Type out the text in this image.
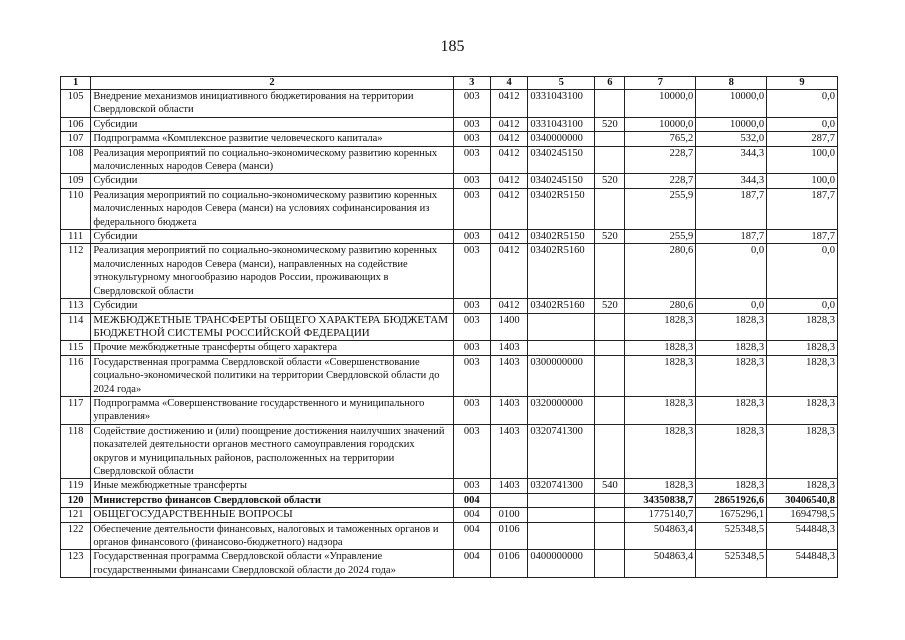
185
1	2	3	4	5	6	7	8	9
105	Внедрение механизмов инициативного бюджетирования на территории Свердловской области	003	0412	0331043100		10000,0	10000,0	0,0
106	Субсидии	003	0412	0331043100	520	10000,0	10000,0	0,0
107	Подпрограмма «Комплексное развитие человеческого капитала»	003	0412	0340000000		765,2	532,0	287,7
108	Реализация мероприятий по социально-экономическому развитию коренных малочисленных народов Севера (манси)	003	0412	0340245150		228,7	344,3	100,0
109	Субсидии	003	0412	0340245150	520	228,7	344,3	100,0
110	Реализация мероприятий по социально-экономическому развитию коренных малочисленных народов Севера (манси) на условиях софинансирования из федерального бюджета	003	0412	03402R5150		255,9	187,7	187,7
111	Субсидии	003	0412	03402R5150	520	255,9	187,7	187,7
112	Реализация мероприятий по социально-экономическому развитию коренных малочисленных народов Севера (манси), направленных на содействие этнокультурному многообразию народов России, проживающих в Свердловской области	003	0412	03402R5160		280,6	0,0	0,0
113	Субсидии	003	0412	03402R5160	520	280,6	0,0	0,0
114	МЕЖБЮДЖЕТНЫЕ ТРАНСФЕРТЫ ОБЩЕГО ХАРАКТЕРА БЮДЖЕТАМ БЮДЖЕТНОЙ СИСТЕМЫ РОССИЙСКОЙ ФЕДЕРАЦИИ	003	1400			1828,3	1828,3	1828,3
115	Прочие межбюджетные трансферты общего характера	003	1403			1828,3	1828,3	1828,3
116	Государственная программа Свердловской области «Совершенствование социально-экономической политики на территории Свердловской области до 2024 года»	003	1403	0300000000		1828,3	1828,3	1828,3
117	Подпрограмма «Совершенствование государственного и муниципального управления»	003	1403	0320000000		1828,3	1828,3	1828,3
118	Содействие достижению и (или) поощрение достижения наилучших значений показателей деятельности органов местного самоуправления городских округов и муниципальных районов, расположенных на территории Свердловской области	003	1403	0320741300		1828,3	1828,3	1828,3
119	Иные межбюджетные трансферты	003	1403	0320741300	540	1828,3	1828,3	1828,3
120	Министерство финансов Свердловской области	004				34350838,7	28651926,6	30406540,8
121	ОБЩЕГОСУДАРСТВЕННЫЕ ВОПРОСЫ	004	0100			1775140,7	1675296,1	1694798,5
122	Обеспечение деятельности финансовых, налоговых и таможенных органов и органов финансового (финансово-бюджетного) надзора	004	0106			504863,4	525348,5	544848,3
123	Государственная программа Свердловской области «Управление государственными финансами Свердловской области до 2024 года»	004	0106	0400000000		504863,4	525348,5	544848,3
